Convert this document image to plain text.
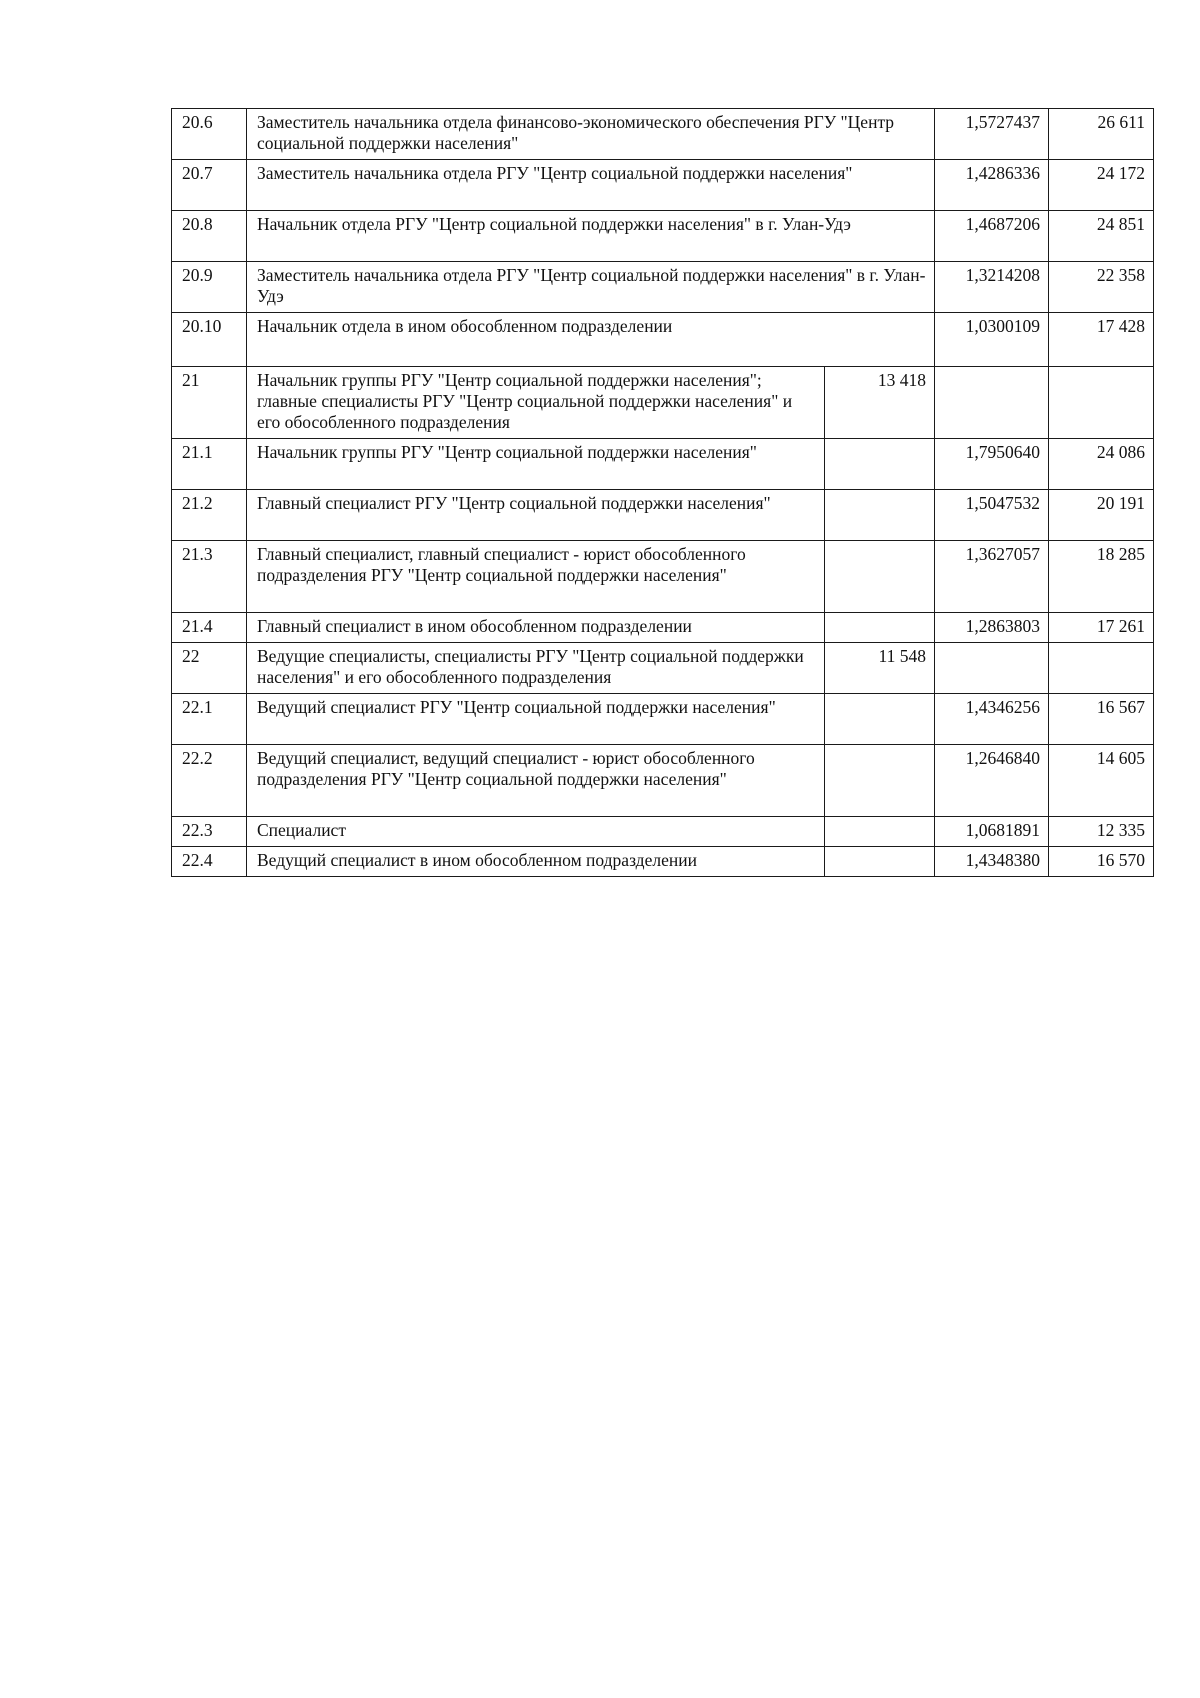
20.6	Заместитель начальника отдела финансово-экономического обеспечения РГУ "Центр социальной поддержки населения"		1,5727437	26 611
20.7	Заместитель начальника отдела РГУ "Центр социальной поддержки населения"		1,4286336	24 172
20.8	Начальник отдела РГУ "Центр социальной поддержки населения" в г. Улан-Удэ		1,4687206	24 851
20.9	Заместитель начальника отдела РГУ "Центр социальной поддержки населения" в г. Улан-Удэ		1,3214208	22 358
20.10	Начальник отдела в ином обособленном подразделении		1,0300109	17 428
21	Начальник группы РГУ "Центр социальной поддержки населения"; главные специалисты РГУ "Центр социальной поддержки населения" и его обособленного подразделения	13 418		
21.1	Начальник группы РГУ "Центр социальной поддержки населения"		1,7950640	24 086
21.2	Главный специалист РГУ "Центр социальной поддержки населения"		1,5047532	20 191
21.3	Главный специалист, главный специалист - юрист обособленного подразделения РГУ "Центр социальной поддержки населения"		1,3627057	18 285
21.4	Главный специалист в ином обособленном подразделении		1,2863803	17 261
22	Ведущие специалисты, специалисты РГУ "Центр социальной поддержки населения" и его обособленного подразделения	11 548		
22.1	Ведущий специалист РГУ "Центр социальной поддержки населения"		1,4346256	16 567
22.2	Ведущий специалист, ведущий специалист - юрист обособленного подразделения РГУ "Центр социальной поддержки населения"		1,2646840	14 605
22.3	Специалист		1,0681891	12 335
22.4	Ведущий специалист в ином обособленном подразделении		1,4348380	16 570
